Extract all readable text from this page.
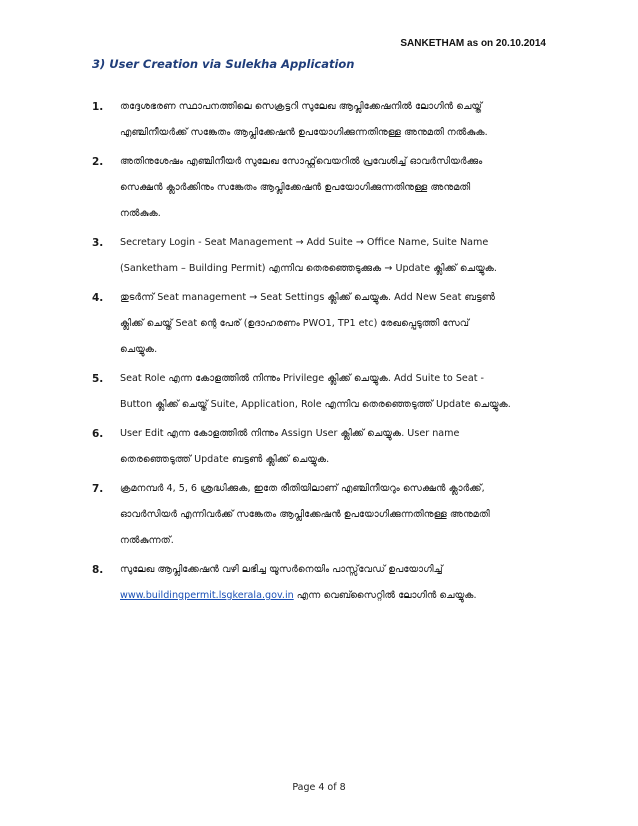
SANKETHAM as on 20.10.2014
3) User Creation via Sulekha Application
1. തദ്ദേശഭരണ സ്ഥാപനത്തിലെ സെക്രട്ടറി സുലേഖ ആപ്ലിക്കേഷനിൽ ലോഗിൻ ചെയ്ത്
എഞ്ചിനീയർക്ക് സങ്കേതം ആപ്ലിക്കേഷൻ ഉപയോഗിക്കുന്നതിനുള്ള അനുമതി നൽകുക.
2. അതിനുശേഷം എഞ്ചിനീയർ സുലേഖ സോഫ്റ്റ്‌വെയറിൽ പ്രവേശിച്ച് ഓവർസിയർക്കും
സെക്ഷൻ ക്ലാർക്കിനും സങ്കേതം ആപ്ലിക്കേഷൻ ഉപയോഗിക്കുന്നതിനുള്ള അനുമതി
നൽകുക.
3. Secretary Login - Seat Management → Add Suite → Office Name, Suite Name
(Sanketham – Building Permit) എന്നിവ തെരഞ്ഞെടുക്കുക → Update ക്ലിക്ക് ചെയ്യുക.
4. തുടർന്ന് Seat management → Seat Settings ക്ലിക്ക് ചെയ്യുക. Add New Seat ബട്ടൺ
ക്ലിക്ക് ചെയ്ത് Seat ന്റെ പേര് (ഉദാഹരണം PWO1, TP1 etc) രേഖപ്പെടുത്തി സേവ്
ചെയ്യുക.
5. Seat Role എന്ന കോളത്തിൽ നിന്നും Privilege ക്ലിക്ക് ചെയ്യുക. Add Suite to Seat -
Button ക്ലിക്ക് ചെയ്ത് Suite, Application, Role എന്നിവ തെരഞ്ഞെടുത്ത് Update ചെയ്യുക.
6. User Edit എന്ന കോളത്തിൽ നിന്നും Assign User ക്ലിക്ക് ചെയ്യുക. User name
തെരഞ്ഞെടുത്ത് Update ബട്ടൺ ക്ലിക്ക് ചെയ്യുക.
7. ക്രമനമ്പർ 4, 5, 6 ശ്രദ്ധിക്കുക, ഇതേ രീതിയിലാണ് എഞ്ചിനീയറും സെക്ഷൻ ക്ലാർക്ക്,
ഓവർസിയർ എന്നിവർക്ക് സങ്കേതം ആപ്ലിക്കേഷൻ ഉപയോഗിക്കുന്നതിനുള്ള അനുമതി
നൽകുന്നത്.
8. സുലേഖ ആപ്ലിക്കേഷൻ വഴി ലഭിച്ച യൂസർനെയിം പാസ്സ്‌വേഡ് ഉപയോഗിച്ച്
www.buildingpermit.lsgkerala.gov.in എന്ന വെബ്സൈറ്റിൽ ലോഗിൻ ചെയ്യുക.
Page 4 of 8
